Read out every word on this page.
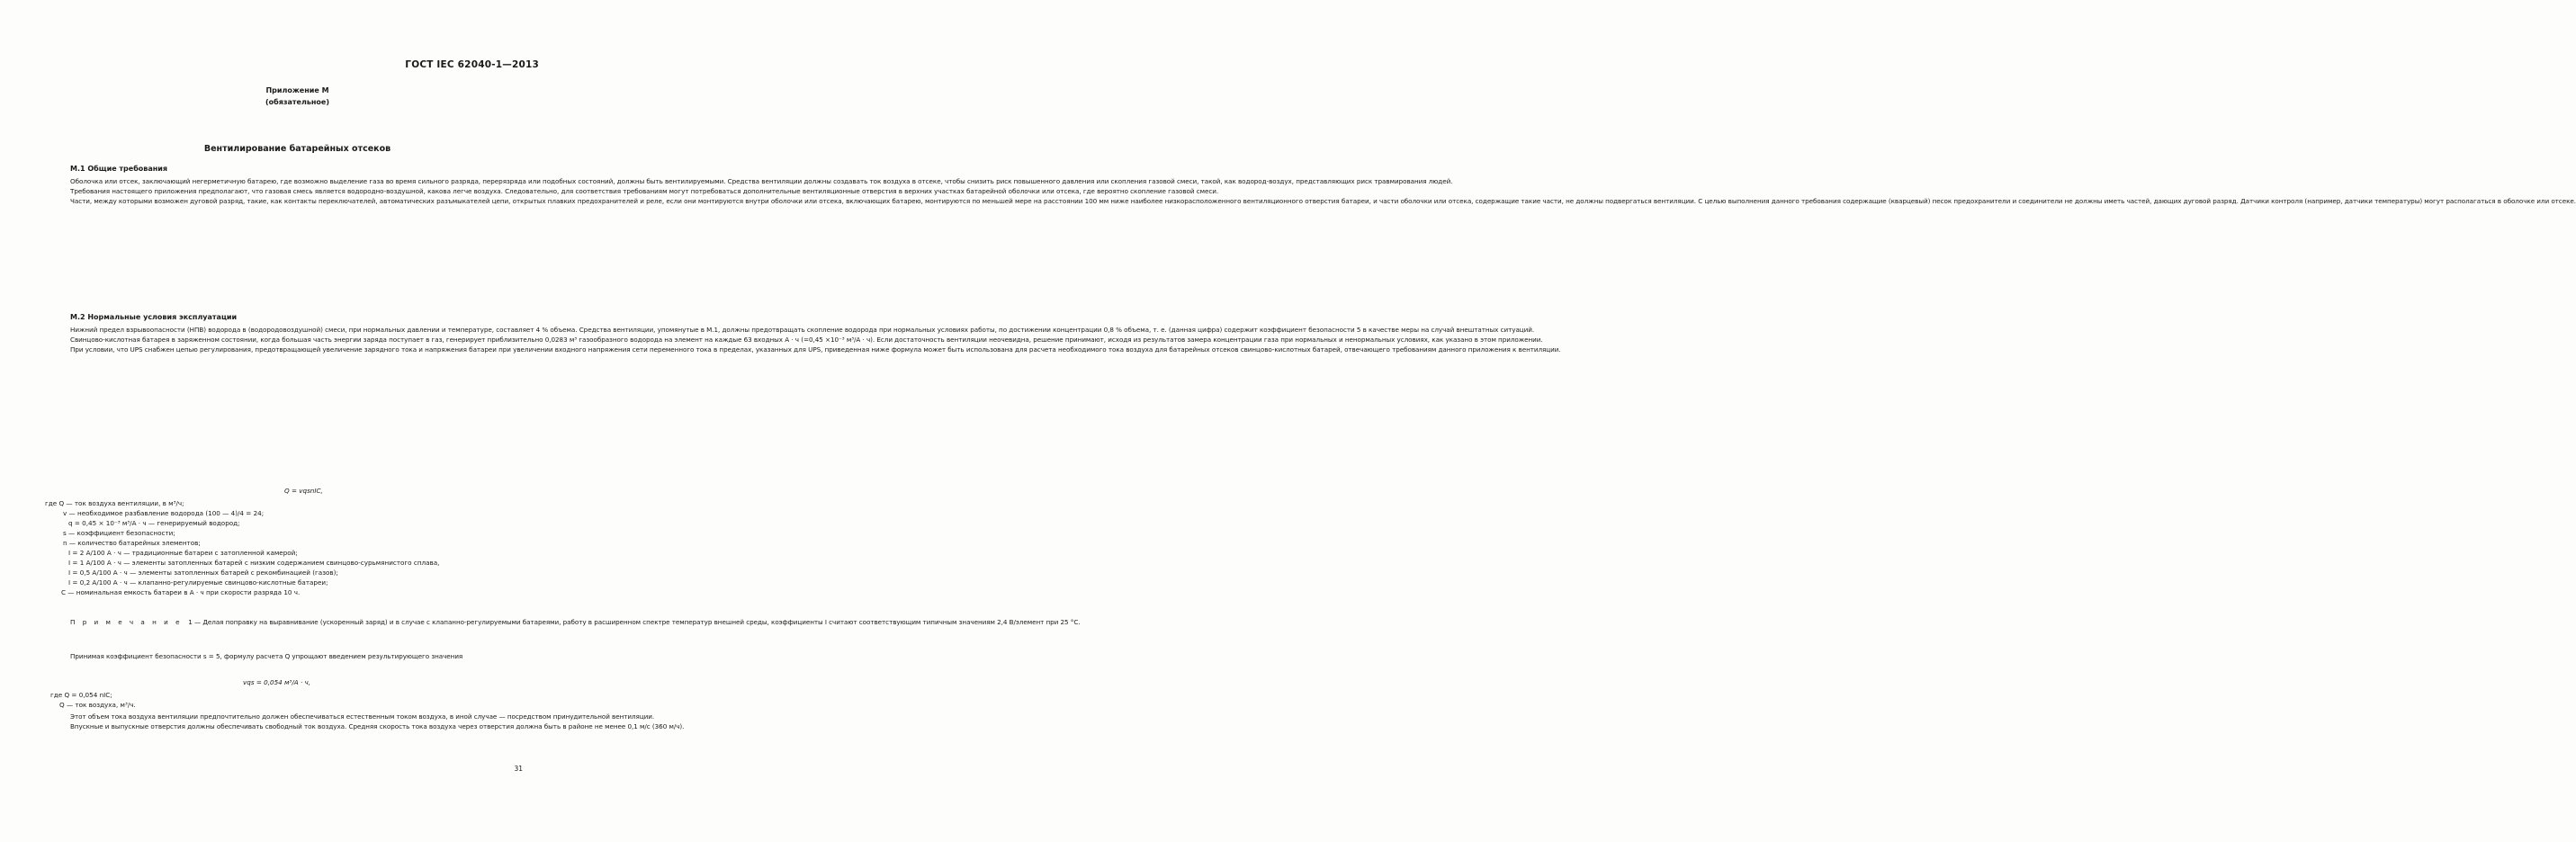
ГОСТ IEC 62040-1—2013
Приложение М
(обязательное)
Вентилирование батарейных отсеков
М.1 Общие требования

Оболочка или отсек, заключающий негерметичную батарею, где возможно выделение газа во время сильного разряда, перерязряда или подобных состояний, должны быть вентилируемыми. Средства вентиляции должны создавать ток воздуха в отсеке, чтобы снизить риск повышенного давления или скопления газовой смеси, такой, как водород-воздух, представляющих риск травмирования людей.

Требования настоящего приложения предполагают, что газовая смесь является водородно-воздушной, какова легче воздуха. Следовательно, для соответствия требованиям могут потребоваться дополнительные вентиляционные отверстия в верхних участках батарейной оболочки или отсека, где вероятно скопление газовой смеси.

Части, между которыми возможен дуговой разряд, такие, как контакты переключателей, автоматических разъмыкателей цепи, открытых плавких предохранителей и реле, если они монтируются внутри оболочки или отсека, включающих батарею, монтируются по меньшей мере на расстоянии 100 мм ниже наиболее низкорасположенного вентиляционного отверстия батареи, и части оболочки или отсека, содержащие такие части, не должны подвергаться вентиляции. С целью выполнения данного требования содержащие (кварцевый) песок предохранители и соединители не должны иметь частей, дающих дуговой разряд. Датчики контроля (например, датчики температуры) могут располагаться в оболочке или отсеке.

М.2 Нормальные условия эксплуатации

Нижний предел взрывоопасности (НПВ) водорода в (водородовоздушной) смеси, при нормальных давлении и температуре, составляет 4 % объема. Средства вентиляции, упомянутые в М.1, должны предотвращать скопление водорода при нормальных условиях работы, по достижении концентрации 0,8 % объема, т. е. (данная цифра) содержит коэффициент безопасности 5 в качестве меры на случай внештатных ситуаций.

Свинцово-кислотная батарея в заряженном состоянии, когда большая часть энергии заряда поступает в газ, генерирует приблизительно 0,0283 м³ газообразного водорода на элемент на каждые 63 входных А · ч (=0,45 ×10⁻³ м³/А · ч). Если достаточность вентиляции неочевидна, решение принимают, исходя из результатов замера концентрации газа при нормальных и ненормальных условиях, как указано в этом приложении.

При условии, что UPS снабжен цепью регулирования, предотвращающей увеличение зарядного тока и напряжения батареи при увеличении входного напряжения сети переменного тока в пределах, указанных для UPS, приведенная ниже формула может быть использована для расчета необходимого тока воздуха для батарейных отсеков свинцово-кислотных батарей, отвечающего требованиям данного приложения к вентиляции.

Q = vqsnIC,
где Q — ток воздуха вентиляции, в м³/ч;
v — необходимое разбавление водорода (100 — 4)/4 = 24;
q = 0,45 × 10⁻³ м³/А · ч — генерируемый водород;
s — коэффициент безопасности;
n — количество батарейных элементов;
I = 2 A/100 A · ч — традиционные батареи с затопленной камерой;
I = 1 A/100 A · ч — элементы затопленных батарей с низким содержанием свинцово-сурьмянистого сплава,
I = 0,5 A/100 A · ч — элементы затопленных батарей с рекомбинацией (газов);
I = 0,2 A/100 A · ч — клапанно-регулируемые свинцово-кислотные батареи;
C — номинальная емкость батареи в А · ч при скорости разряда 10 ч.

П р и м е ч а н и е 1 — Делая поправку на выравнивание (ускоренный заряд) и в случае с клапанно-регулируемыми батареями, работу в расширенном спектре температур внешней среды, коэффициенты I считают соответствующим типичным значениям 2,4 В/элемент при 25 °С.

Принимая коэффициент безопасности s = 5, формулу расчета Q упрощают введением результирующего значения

vqs = 0,054 м³/А · ч,
где Q = 0,054 nIC;
Q — ток воздуха, м³/ч.

Этот объем тока воздуха вентиляции предпочтительно должен обеспечиваться естественным током воздуха, в иной случае — посредством принудительной вентиляции.

Впускные и выпускные отверстия должны обеспечивать свободный ток воздуха. Средняя скорость тока воздуха через отверстия должна быть в районе не менее 0,1 м/с (360 м/ч).

31
